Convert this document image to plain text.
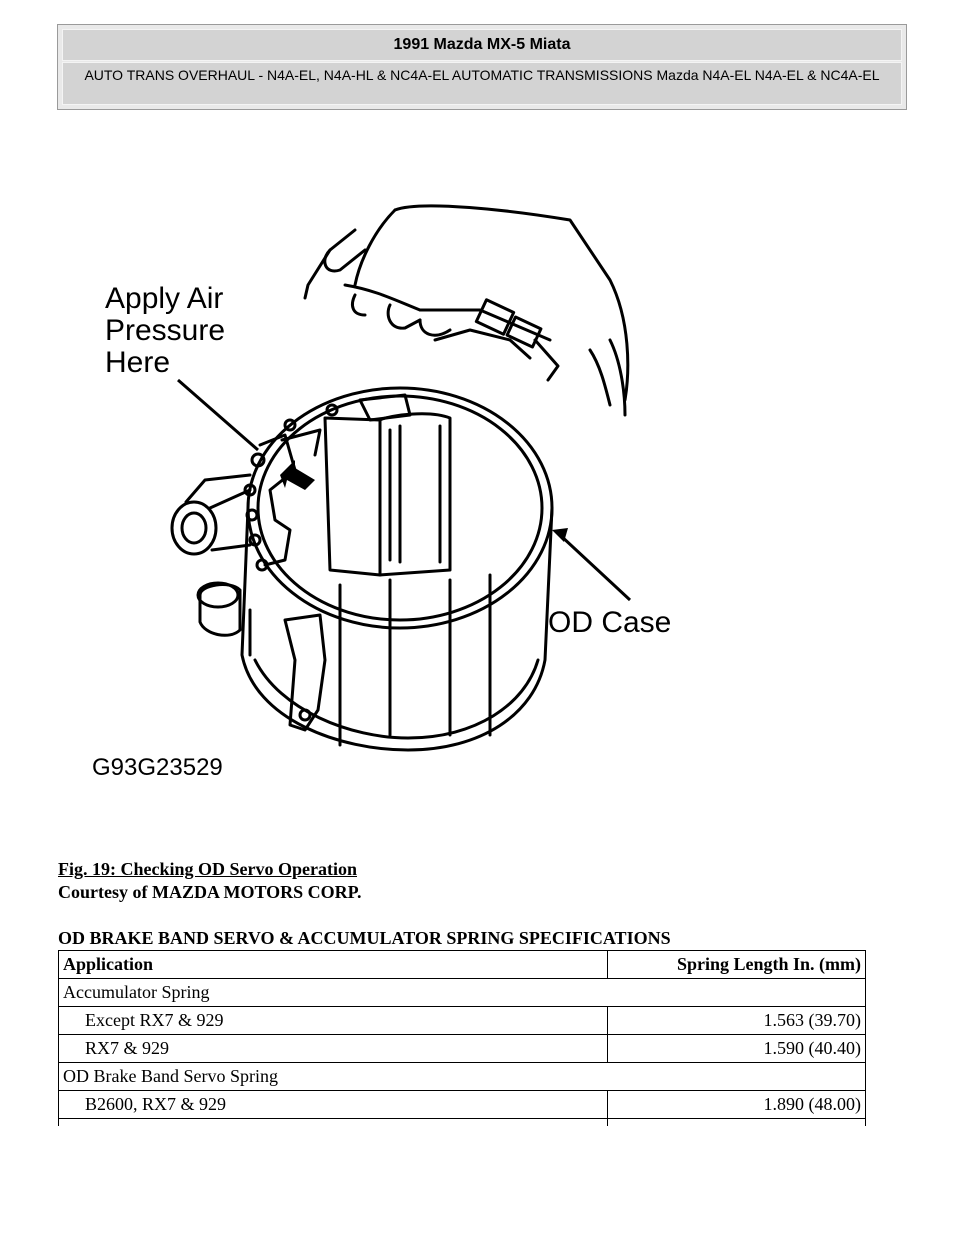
1991 Mazda MX-5 Miata
AUTO TRANS OVERHAUL - N4A-EL, N4A-HL & NC4A-EL AUTOMATIC TRANSMISSIONS Mazda N4A-EL N4A-EL & NC4A-EL
Apply Air
Pressure
Here
OD Case
G93G23529
Fig. 19: Checking OD Servo Operation
Courtesy of MAZDA MOTORS CORP.
OD BRAKE BAND SERVO & ACCUMULATOR SPRING SPECIFICATIONS
Application	Spring Length In. (mm)
Accumulator Spring	
Except RX7 & 929	1.563 (39.70)
RX7 & 929	1.590 (40.40)
OD Brake Band Servo Spring	
B2600, RX7 & 929	1.890 (48.00)
